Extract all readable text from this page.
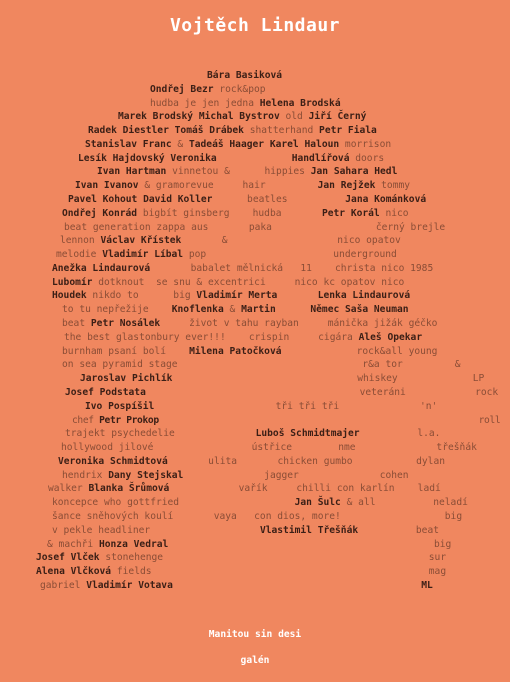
Vojtěch Lindaur
Bára Basiková
Ondřej Bezr rock&pop
hudba je jen jedna Helena Brodská
Marek Brodský Michal Bystrov old Jiří Černý
Radek Diestler Tomáš Drábek shatterhand Petr Fiala
Stanislav Franc & Tadeáš Haager Karel Haloun morrison
Lesík Hajdovský Veronika	Handlířová doors
Ivan Hartman vinnetou &      hippies Jan Sahara Hedl
Ivan Ivanov & gramorevue     hair         Jan Rejžek tommy
Pavel Kohout David Koller      beatles          Jana Kománková
Ondřej Konrád bigbít ginsberg    hudba       Petr Korál nico
beat generation zappa aus       paka                  černý brejle
lennon Václav Křístek       &                   nico opatov
melodie Vladimír Líbal pop                      underground
Anežka Lindaurová       babalet mělnická   11    christa nico 1985
Lubomír dotknout  se snu & excentrici     nico kc opatov nico
Houdek nikdo to      big Vladimír Merta	Lenka Lindaurová
to tu nepřežije    Knoflenka & Martin	Němec Saša Neuman
beat Petr Nosálek     život v tahu rayban     mánička jižák géčko
the best glastonbury ever!!!    crispin     cigára Aleš Opekar
burnham psaní bolí    Milena Patočková             rock&all young
on sea pyramid stage                                r&a tor         &
Jaroslav Pichlík                                whiskey             LP
Josef Podstata                                     veteráni            rock
Ivo Pospíšil                     tři tři tři              'n'
chef Petr Prokop                                                           roll
trajekt psychedelie              Luboš Schmidtmajer          l.a.
hollywood jilové                 ústřice        nme              třešňák
Veronika Schmidtová       ulita       chicken gumbo           dylan
hendrix Dany Stejskal              jagger              cohen
walker Blanka Šrůmová            vařík     chilli con karlín    ladí
koncepce who gottfried                    Jan Šulc & all          neladí
šance sněhových koulí       vaya   con dios, more!                  big
v pekle headliner                   Vlastimil Třešňák          beat
& machři Honza Vedral                                              big
Josef Vlček stonehenge                                              sur
Alena Vlčková fields                                                mag
gabriel Vladimír Votava	ML
Manitou sin desi
galén
